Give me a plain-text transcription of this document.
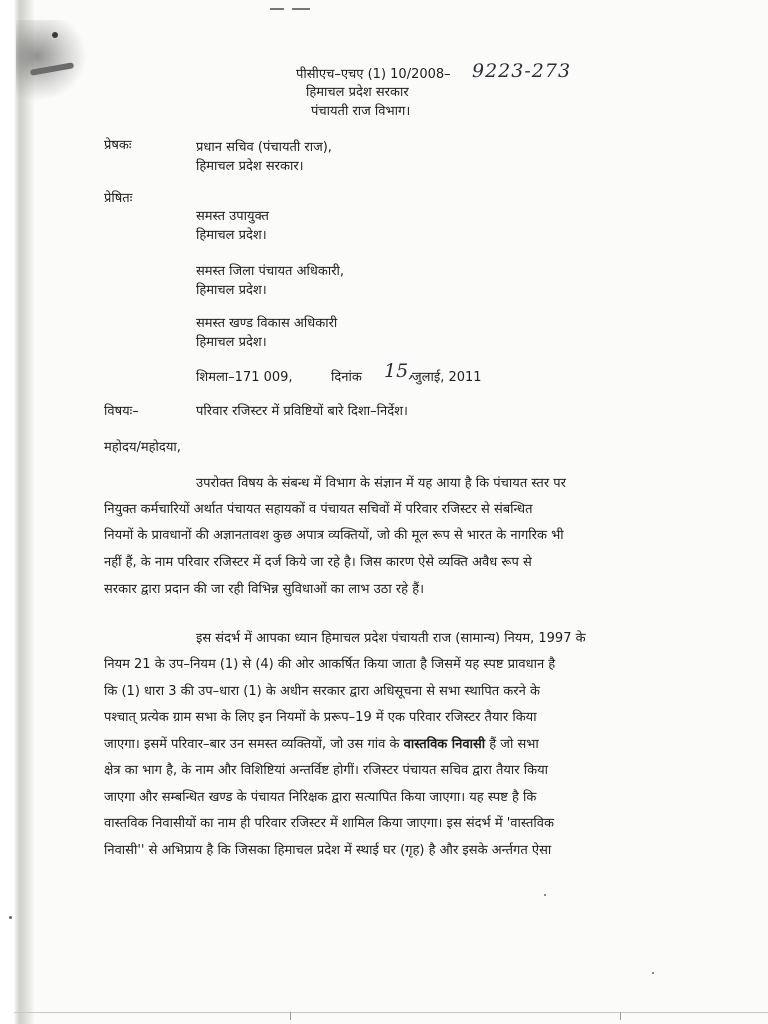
पीसीएच–एचए (1) 10/2008– 9223-273
हिमाचल प्रदेश सरकार
पंचायती राज विभाग।
प्रेषकः	प्रधान सचिव (पंचायती राज),
हिमाचल प्रदेश सरकार।
प्रेषितः
समस्त उपायुक्त
हिमाचल प्रदेश।
समस्त जिला पंचायत अधिकारी,
हिमाचल प्रदेश।
समस्त खण्ड विकास अधिकारी
हिमाचल प्रदेश।
शिमला–171 009,	दिनांक 15,
जुलाई, 2011
विषयः–	परिवार रजिस्टर में प्रविष्टियों बारे दिशा–निर्देश।
महोदय/महोदया,
उपरोक्त विषय के संबन्ध में विभाग के संज्ञान में यह आया है कि पंचायत स्तर पर
नियुक्त कर्मचारियों अर्थात पंचायत सहायकों व पंचायत सचिवों में परिवार रजिस्टर से संबन्धित
नियमों के प्रावधानों की अज्ञानतावश कुछ अपात्र व्यक्तियों, जो की मूल रूप से भारत के नागरिक भी
नहीं हैं, के नाम परिवार रजिस्टर में दर्ज किये जा रहे है। जिस कारण ऐसे व्यक्ति अवैध रूप से
सरकार द्वारा प्रदान की जा रही विभिन्न सुविधाओं का लाभ उठा रहे हैं।
इस संदर्भ में आपका ध्यान हिमाचल प्रदेश पंचायती राज (सामान्य) नियम, 1997 के
नियम 21 के उप–नियम (1) से (4) की ओर आकर्षित किया जाता है जिसमें यह स्पष्ट प्रावधान है
कि (1) धारा 3 की उप–धारा (1) के अधीन सरकार द्वारा अधिसूचना से सभा स्थापित करने के
पश्चात् प्रत्येक ग्राम सभा के लिए इन नियमों के प्ररूप–19 में एक परिवार रजिस्टर तैयार किया
जाएगा। इसमें परिवार–बार उन समस्त व्यक्तियों, जो उस गांव के वास्तविक निवासी हैं जो सभा
क्षेत्र का भाग है, के नाम और विशिष्टियां अन्तर्विष्ट होगीं। रजिस्टर पंचायत सचिव द्वारा तैयार किया
जाएगा और सम्बन्धित खण्ड के पंचायत निरिक्षक द्वारा सत्यापित किया जाएगा। यह स्पष्ट है कि
वास्तविक निवासीयों का नाम ही परिवार रजिस्टर में शामिल किया जाएगा। इस संदर्भ में 'वास्तविक
निवासी'' से अभिप्राय है कि जिसका हिमाचल प्रदेश में स्थाई घर (गृह) है और इसके अर्न्तगत ऐसा
